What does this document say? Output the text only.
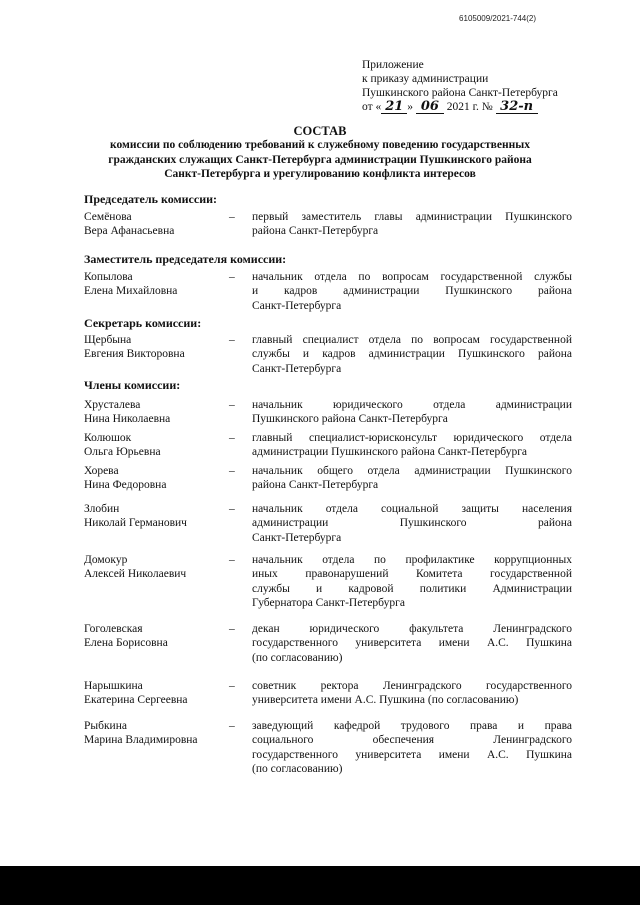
6105009/2021-744(2)
Приложение
к приказу администрации
Пушкинского района Санкт-Петербурга
от « 21 » 06 2021 г. № 32-п
СОСТАВ
комиссии по соблюдению требований к служебному поведению государственных
гражданских служащих Санкт-Петербурга администрации Пушкинского района
Санкт-Петербурга и урегулированию конфликта интересов
Председатель комиссии:
Заместитель председателя комиссии:
Секретарь комиссии:
Члены комиссии:
Семёнова
Вера Афанасьевна
– первый заместитель главы администрации Пушкинского
района Санкт-Петербурга
Копылова
Елена Михайловна
– начальник отдела по вопросам государственной службы
и кадров администрации Пушкинского района
Санкт-Петербурга
Щербына
Евгения Викторовна
– главный специалист отдела по вопросам государственной
службы и кадров администрации Пушкинского района
Санкт-Петербурга
Хрусталева
Нина Николаевна
– начальник юридического отдела администрации
Пушкинского района Санкт-Петербурга
Колюшок
Ольга Юрьевна
– главный специалист-юрисконсульт юридического отдела
администрации Пушкинского района Санкт-Петербурга
Хорева
Нина Федоровна
– начальник общего отдела администрации Пушкинского
района Санкт-Петербурга
Злобин
Николай Германович
– начальник отдела социальной защиты населения
администрации Пушкинского района
Санкт-Петербурга
Домокур
Алексей Николаевич
– начальник отдела по профилактике коррупционных
иных правонарушений Комитета государственной
службы и кадровой политики Администрации
Губернатора Санкт-Петербурга
Гоголевская
Елена Борисовна
– декан юридического факультета Ленинградского
государственного университета имени А.С. Пушкина
(по согласованию)
Нарышкина
Екатерина Сергеевна
– советник ректора Ленинградского государственного
университета имени А.С. Пушкина (по согласованию)
Рыбкина
Марина Владимировна
– заведующий кафедрой трудового права и права
социального обеспечения Ленинградского
государственного университета имени А.С. Пушкина
(по согласованию)
